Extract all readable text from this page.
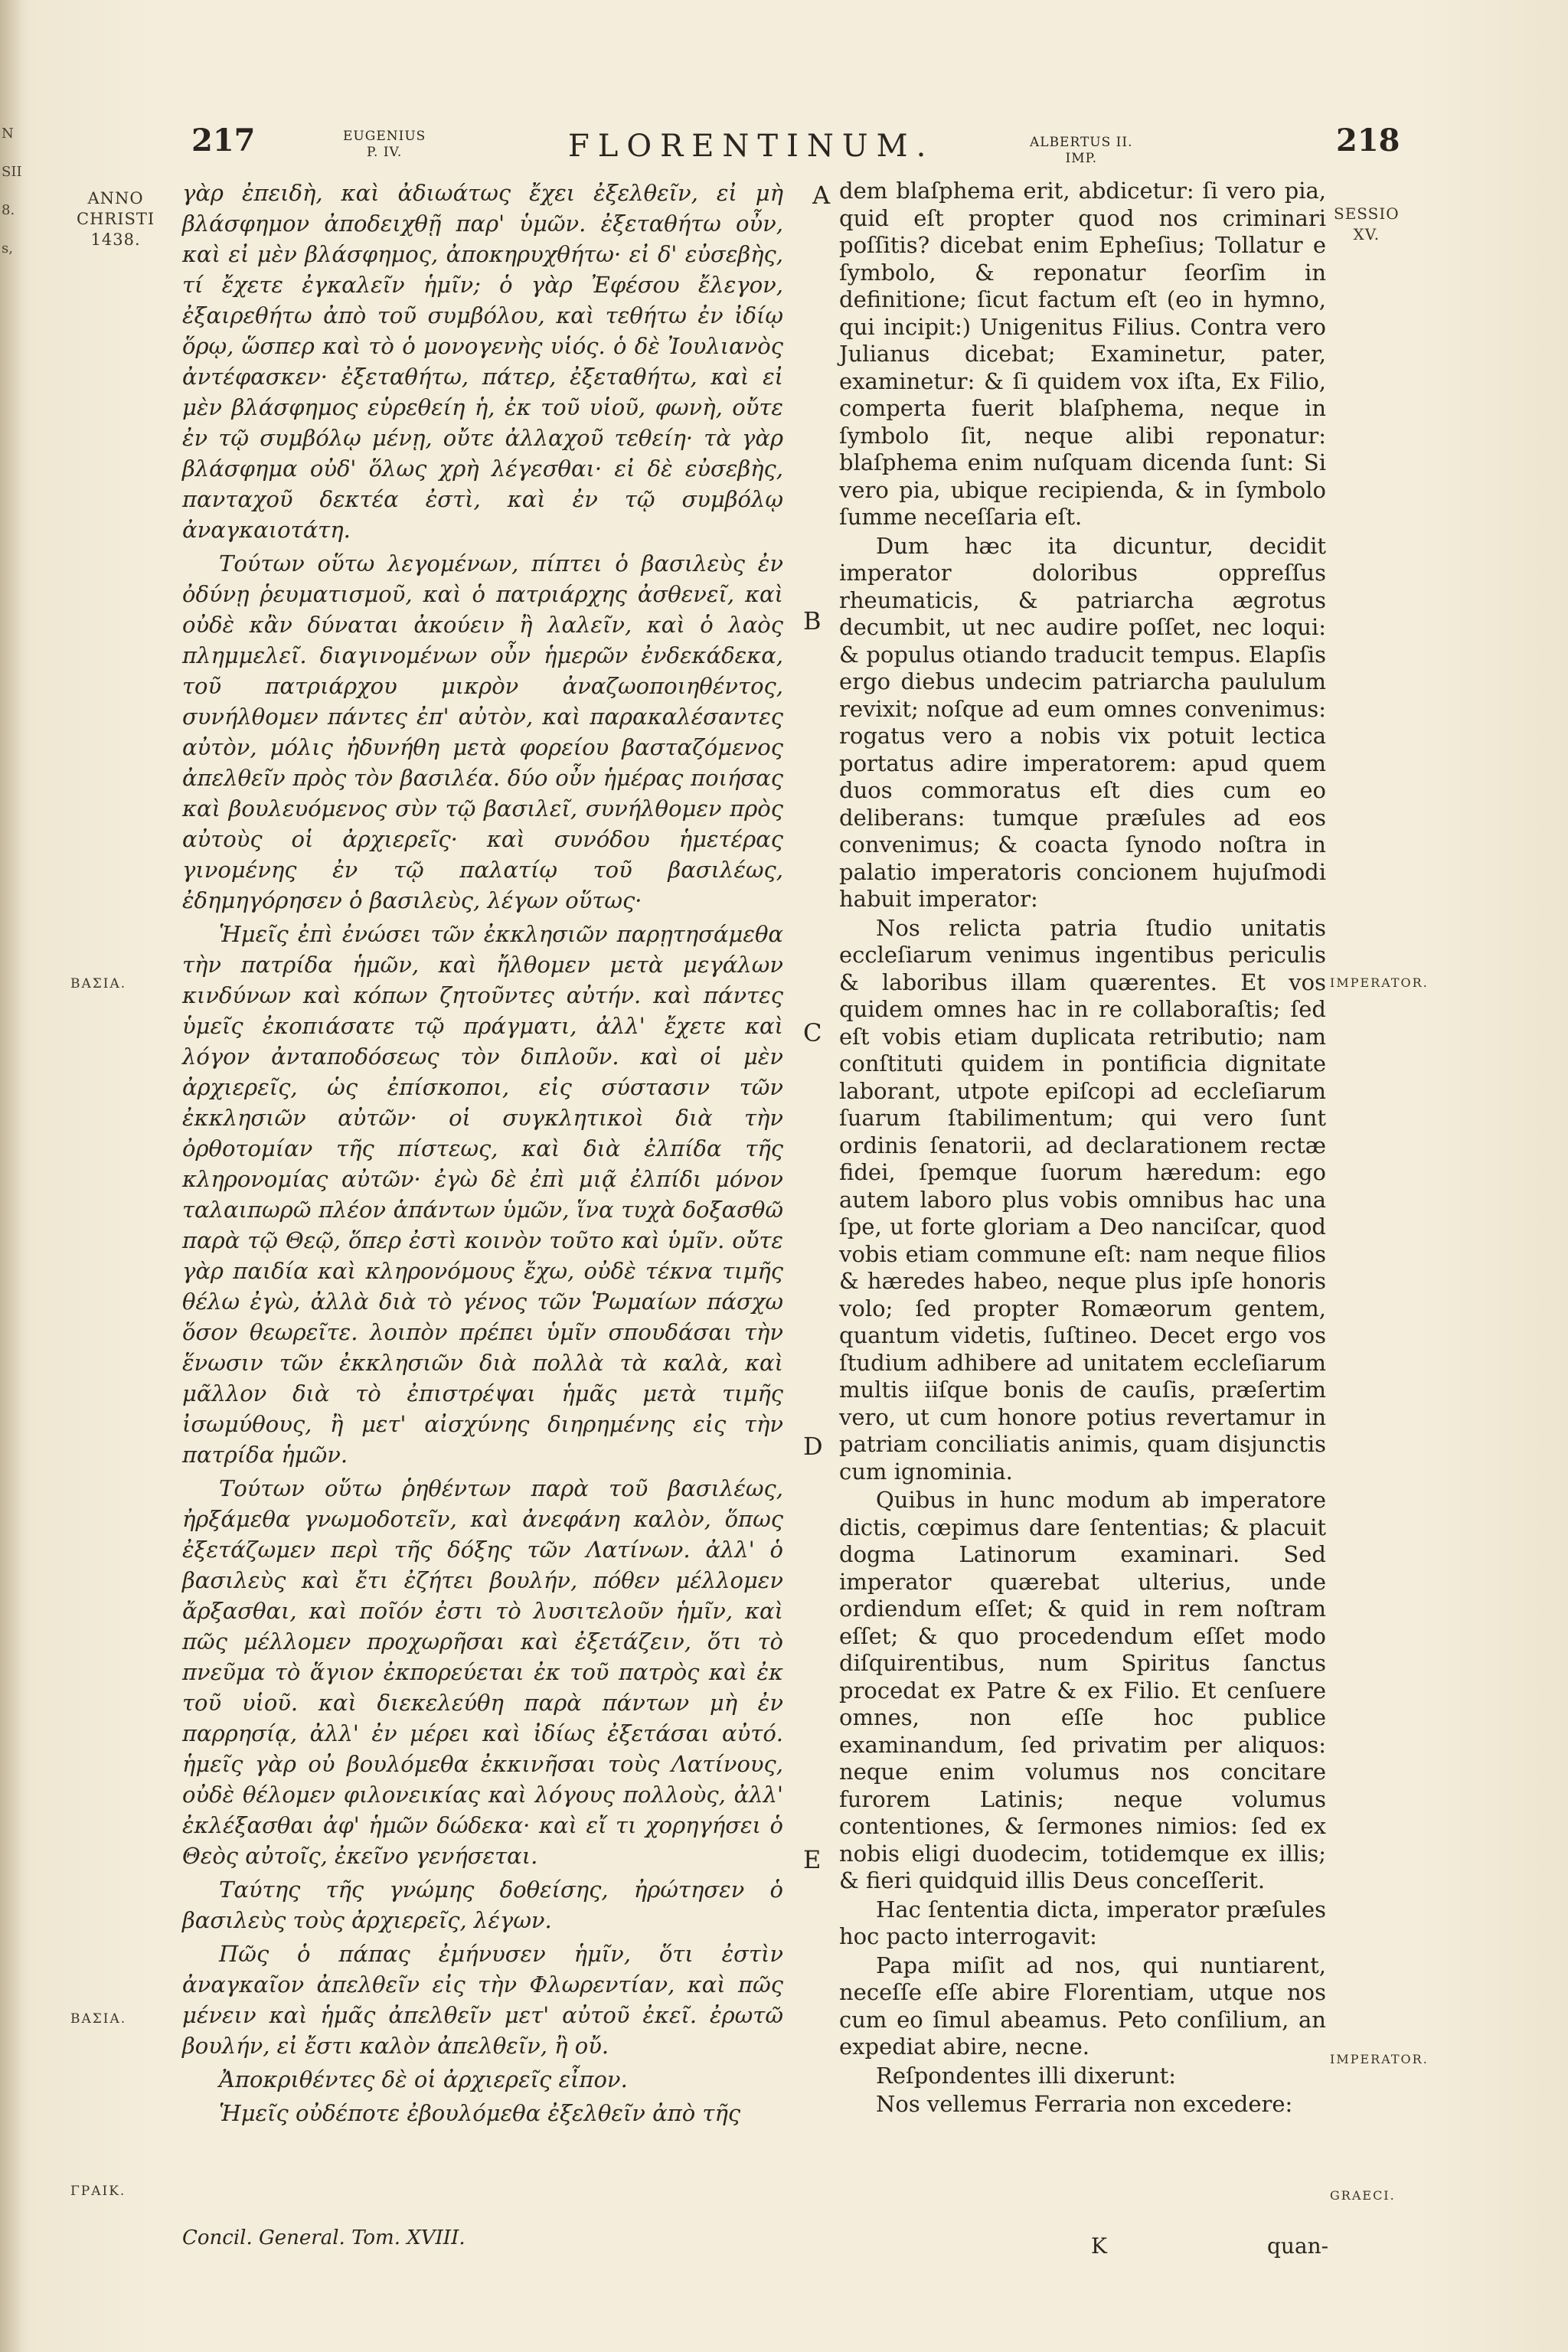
N
SII
8.
s,
217	EUGENIUS
P. IV.	FLORENTINUM.	ALBERTUS II.
IMP.	218
ANNO
CHRISTI
1438.
ΒΑΣΙΑ.
ΒΑΣΙΑ.
ΓΡΑΙΚ.
SESSIO
XV.
IMPERATOR.
IMPERATOR.
GRAECI.
A
B
C
D
E

γὰρ ἐπειδὴ, καὶ ἀδιωάτως ἔχει ἐξελθεῖν, εἰ μὴ βλάσφημον ἀποδειχθῇ παρ' ὑμῶν. ἐξεταθήτω οὖν, καὶ εἰ μὲν βλάσφημος, ἀποκηρυχθήτω· εἰ δ' εὐσεβὴς, τί ἔχετε ἐγκαλεῖν ἡμῖν; ὁ γὰρ Ἐφέσου ἔλεγον, ἐξαιρεθήτω ἀπὸ τοῦ συμβόλου, καὶ τεθήτω ἐν ἰδίῳ ὅρῳ, ὥσπερ καὶ τὸ ὁ μονογενὴς υἱός. ὁ δὲ Ἰουλιανὸς ἀντέφασκεν· ἐξεταθήτω, πάτερ, ἐξεταθήτω, καὶ εἰ μὲν βλάσφημος εὑρεθείη ἡ, ἐκ τοῦ υἱοῦ, φωνὴ, οὔτε ἐν τῷ συμβόλῳ μένῃ, οὔτε ἀλλαχοῦ τεθείη· τὰ γὰρ βλάσφημα οὐδ' ὅλως χρὴ λέγεσθαι· εἰ δὲ εὐσεβὴς, πανταχοῦ δεκτέα ἐστὶ, καὶ ἐν τῷ συμβόλῳ ἀναγκαιοτάτη.

Τούτων οὕτω λεγομένων, πίπτει ὁ βασιλεὺς ἐν ὀδύνῃ ῥευματισμοῦ, καὶ ὁ πατριάρχης ἀσθενεῖ, καὶ οὐδὲ κἂν δύναται ἀκούειν ἢ λαλεῖν, καὶ ὁ λαὸς πλημμελεῖ. διαγινομένων οὖν ἡμερῶν ἐνδεκάδεκα, τοῦ πατριάρχου μικρὸν ἀναζωοποιηθέντος, συνήλθομεν πάντες ἐπ' αὐτὸν, καὶ παρακαλέσαντες αὐτὸν, μόλις ἠδυνήθη μετὰ φορείου βασταζόμενος ἀπελθεῖν πρὸς τὸν βασιλέα. δύο οὖν ἡμέρας ποιήσας καὶ βουλευόμενος σὺν τῷ βασιλεῖ, συνήλθομεν πρὸς αὐτοὺς οἱ ἀρχιερεῖς· καὶ συνόδου ἡμετέρας γινομένης ἐν τῷ παλατίῳ τοῦ βασιλέως, ἐδημηγόρησεν ὁ βασιλεὺς, λέγων οὕτως·

Ἡμεῖς ἐπὶ ἐνώσει τῶν ἐκκλησιῶν παρῃτησάμεθα τὴν πατρίδα ἡμῶν, καὶ ἤλθομεν μετὰ μεγάλων κινδύνων καὶ κόπων ζητοῦντες αὐτήν. καὶ πάντες ὑμεῖς ἐκοπιάσατε τῷ πράγματι, ἀλλ' ἔχετε καὶ λόγον ἀνταποδόσεως τὸν διπλοῦν. καὶ οἱ μὲν ἀρχιερεῖς, ὡς ἐπίσκοποι, εἰς σύστασιν τῶν ἐκκλησιῶν αὐτῶν· οἱ συγκλητικοὶ διὰ τὴν ὀρθοτομίαν τῆς πίστεως, καὶ διὰ ἐλπίδα τῆς κληρονομίας αὐτῶν· ἐγὼ δὲ ἐπὶ μιᾷ ἐλπίδι μόνον ταλαιπωρῶ πλέον ἁπάντων ὑμῶν, ἵνα τυχὰ δοξασθῶ παρὰ τῷ Θεῷ, ὅπερ ἐστὶ κοινὸν τοῦτο καὶ ὑμῖν. οὔτε γὰρ παιδία καὶ κληρονόμους ἔχω, οὐδὲ τέκνα τιμῆς θέλω ἐγὼ, ἀλλὰ διὰ τὸ γένος τῶν Ῥωμαίων πάσχω ὅσον θεωρεῖτε. λοιπὸν πρέπει ὑμῖν σπουδάσαι τὴν ἕνωσιν τῶν ἐκκλησιῶν διὰ πολλὰ τὰ καλὰ, καὶ μᾶλλον διὰ τὸ ἐπιστρέψαι ἡμᾶς μετὰ τιμῆς ἰσωμύθους, ἢ μετ' αἰσχύνης διηρημένης εἰς τὴν πατρίδα ἡμῶν.

Τούτων οὕτω ῥηθέντων παρὰ τοῦ βασιλέως, ἠρξάμεθα γνωμοδοτεῖν, καὶ ἀνεφάνη καλὸν, ὅπως ἐξετάζωμεν περὶ τῆς δόξης τῶν Λατίνων. ἀλλ' ὁ βασιλεὺς καὶ ἔτι ἐζήτει βουλήν, πόθεν μέλλομεν ἄρξασθαι, καὶ ποῖόν ἐστι τὸ λυσιτελοῦν ἡμῖν, καὶ πῶς μέλλομεν προχωρῆσαι καὶ ἐξετάζειν, ὅτι τὸ πνεῦμα τὸ ἅγιον ἐκπορεύεται ἐκ τοῦ πατρὸς καὶ ἐκ τοῦ υἱοῦ. καὶ διεκελεύθη παρὰ πάντων μὴ ἐν παρρησίᾳ, ἀλλ' ἐν μέρει καὶ ἰδίως ἐξετάσαι αὐτό. ἡμεῖς γὰρ οὐ βουλόμεθα ἐκκινῆσαι τοὺς Λατίνους, οὐδὲ θέλομεν φιλονεικίας καὶ λόγους πολλοὺς, ἀλλ' ἐκλέξασθαι ἀφ' ἡμῶν δώδεκα· καὶ εἴ τι χορηγήσει ὁ Θεὸς αὐτοῖς, ἐκεῖνο γενήσεται.

Ταύτης τῆς γνώμης δοθείσης, ἠρώτησεν ὁ βασιλεὺς τοὺς ἀρχιερεῖς, λέγων.

Πῶς ὁ πάπας ἐμήνυσεν ἡμῖν, ὅτι ἐστὶν ἀναγκαῖον ἀπελθεῖν εἰς τὴν Φλωρεντίαν, καὶ πῶς μένειν καὶ ἡμᾶς ἀπελθεῖν μετ' αὐτοῦ ἐκεῖ. ἐρωτῶ βουλήν, εἰ ἔστι καλὸν ἀπελθεῖν, ἢ οὔ.

Ἀποκριθέντες δὲ οἱ ἀρχιερεῖς εἶπον.

Ἡμεῖς οὐδέποτε ἐβουλόμεθα ἐξελθεῖν ἀπὸ τῆς

dem blaſphema erit, abdicetur: ſi vero pia, quid eſt propter quod nos criminari poſſitis? dicebat enim Epheſius; Tollatur e ſymbolo, & reponatur ſeorſim in definitione; ſicut factum eſt (eo in hymno, qui incipit:) Unigenitus Filius. Contra vero Julianus dicebat; Examinetur, pater, examinetur: & ſi quidem vox iſta, Ex Filio, comperta fuerit blaſphema, neque in ſymbolo ſit, neque alibi reponatur: blaſphema enim nuſquam dicenda ſunt: Si vero pia, ubique recipienda, & in ſymbolo ſumme neceſſaria eſt.

Dum hæc ita dicuntur, decidit imperator doloribus oppreſſus rheumaticis, & patriarcha ægrotus decumbit, ut nec audire poſſet, nec loqui: & populus otiando traducit tempus. Elapſis ergo diebus undecim patriarcha paululum revixit; noſque ad eum omnes convenimus: rogatus vero a nobis vix potuit lectica portatus adire imperatorem: apud quem duos commoratus eſt dies cum eo deliberans: tumque præſules ad eos convenimus; & coacta ſynodo noſtra in palatio imperatoris concionem hujuſmodi habuit imperator:

Nos relicta patria ſtudio unitatis eccleſiarum venimus ingentibus periculis & laboribus illam quærentes. Et vos quidem omnes hac in re collaboraſtis; ſed eſt vobis etiam duplicata retributio; nam conſtituti quidem in pontificia dignitate laborant, utpote epiſcopi ad eccleſiarum ſuarum ſtabilimentum; qui vero ſunt ordinis ſenatorii, ad declarationem rectæ fidei, ſpemque ſuorum hæredum: ego autem laboro plus vobis omnibus hac una ſpe, ut forte gloriam a Deo nanciſcar, quod vobis etiam commune eſt: nam neque filios & hæredes habeo, neque plus ipſe honoris volo; ſed propter Romæorum gentem, quantum videtis, ſuſtineo. Decet ergo vos ſtudium adhibere ad unitatem eccleſiarum multis iiſque bonis de cauſis, præſertim vero, ut cum honore potius revertamur in patriam conciliatis animis, quam disjunctis cum ignominia.

Quibus in hunc modum ab imperatore dictis, cœpimus dare ſententias; & placuit dogma Latinorum examinari. Sed imperator quærebat ulterius, unde ordiendum eſſet; & quid in rem noſtram eſſet; & quo procedendum eſſet modo diſquirentibus, num Spiritus ſanctus procedat ex Patre & ex Filio. Et cenſuere omnes, non eſſe hoc publice examinandum, ſed privatim per aliquos: neque enim volumus nos concitare furorem Latinis; neque volumus contentiones, & ſermones nimios: ſed ex nobis eligi duodecim, totidemque ex illis; & fieri quidquid illis Deus conceſſerit.

Hac ſententia dicta, imperator præſules hoc pacto interrogavit:

Papa miſit ad nos, qui nuntiarent, neceſſe eſſe abire Florentiam, utque nos cum eo ſimul abeamus. Peto conſilium, an expediat abire, necne.

Reſpondentes illi dixerunt:

Nos vellemus Ferraria non excedere:

Concil. General. Tom. XVIII.	K	quan-
